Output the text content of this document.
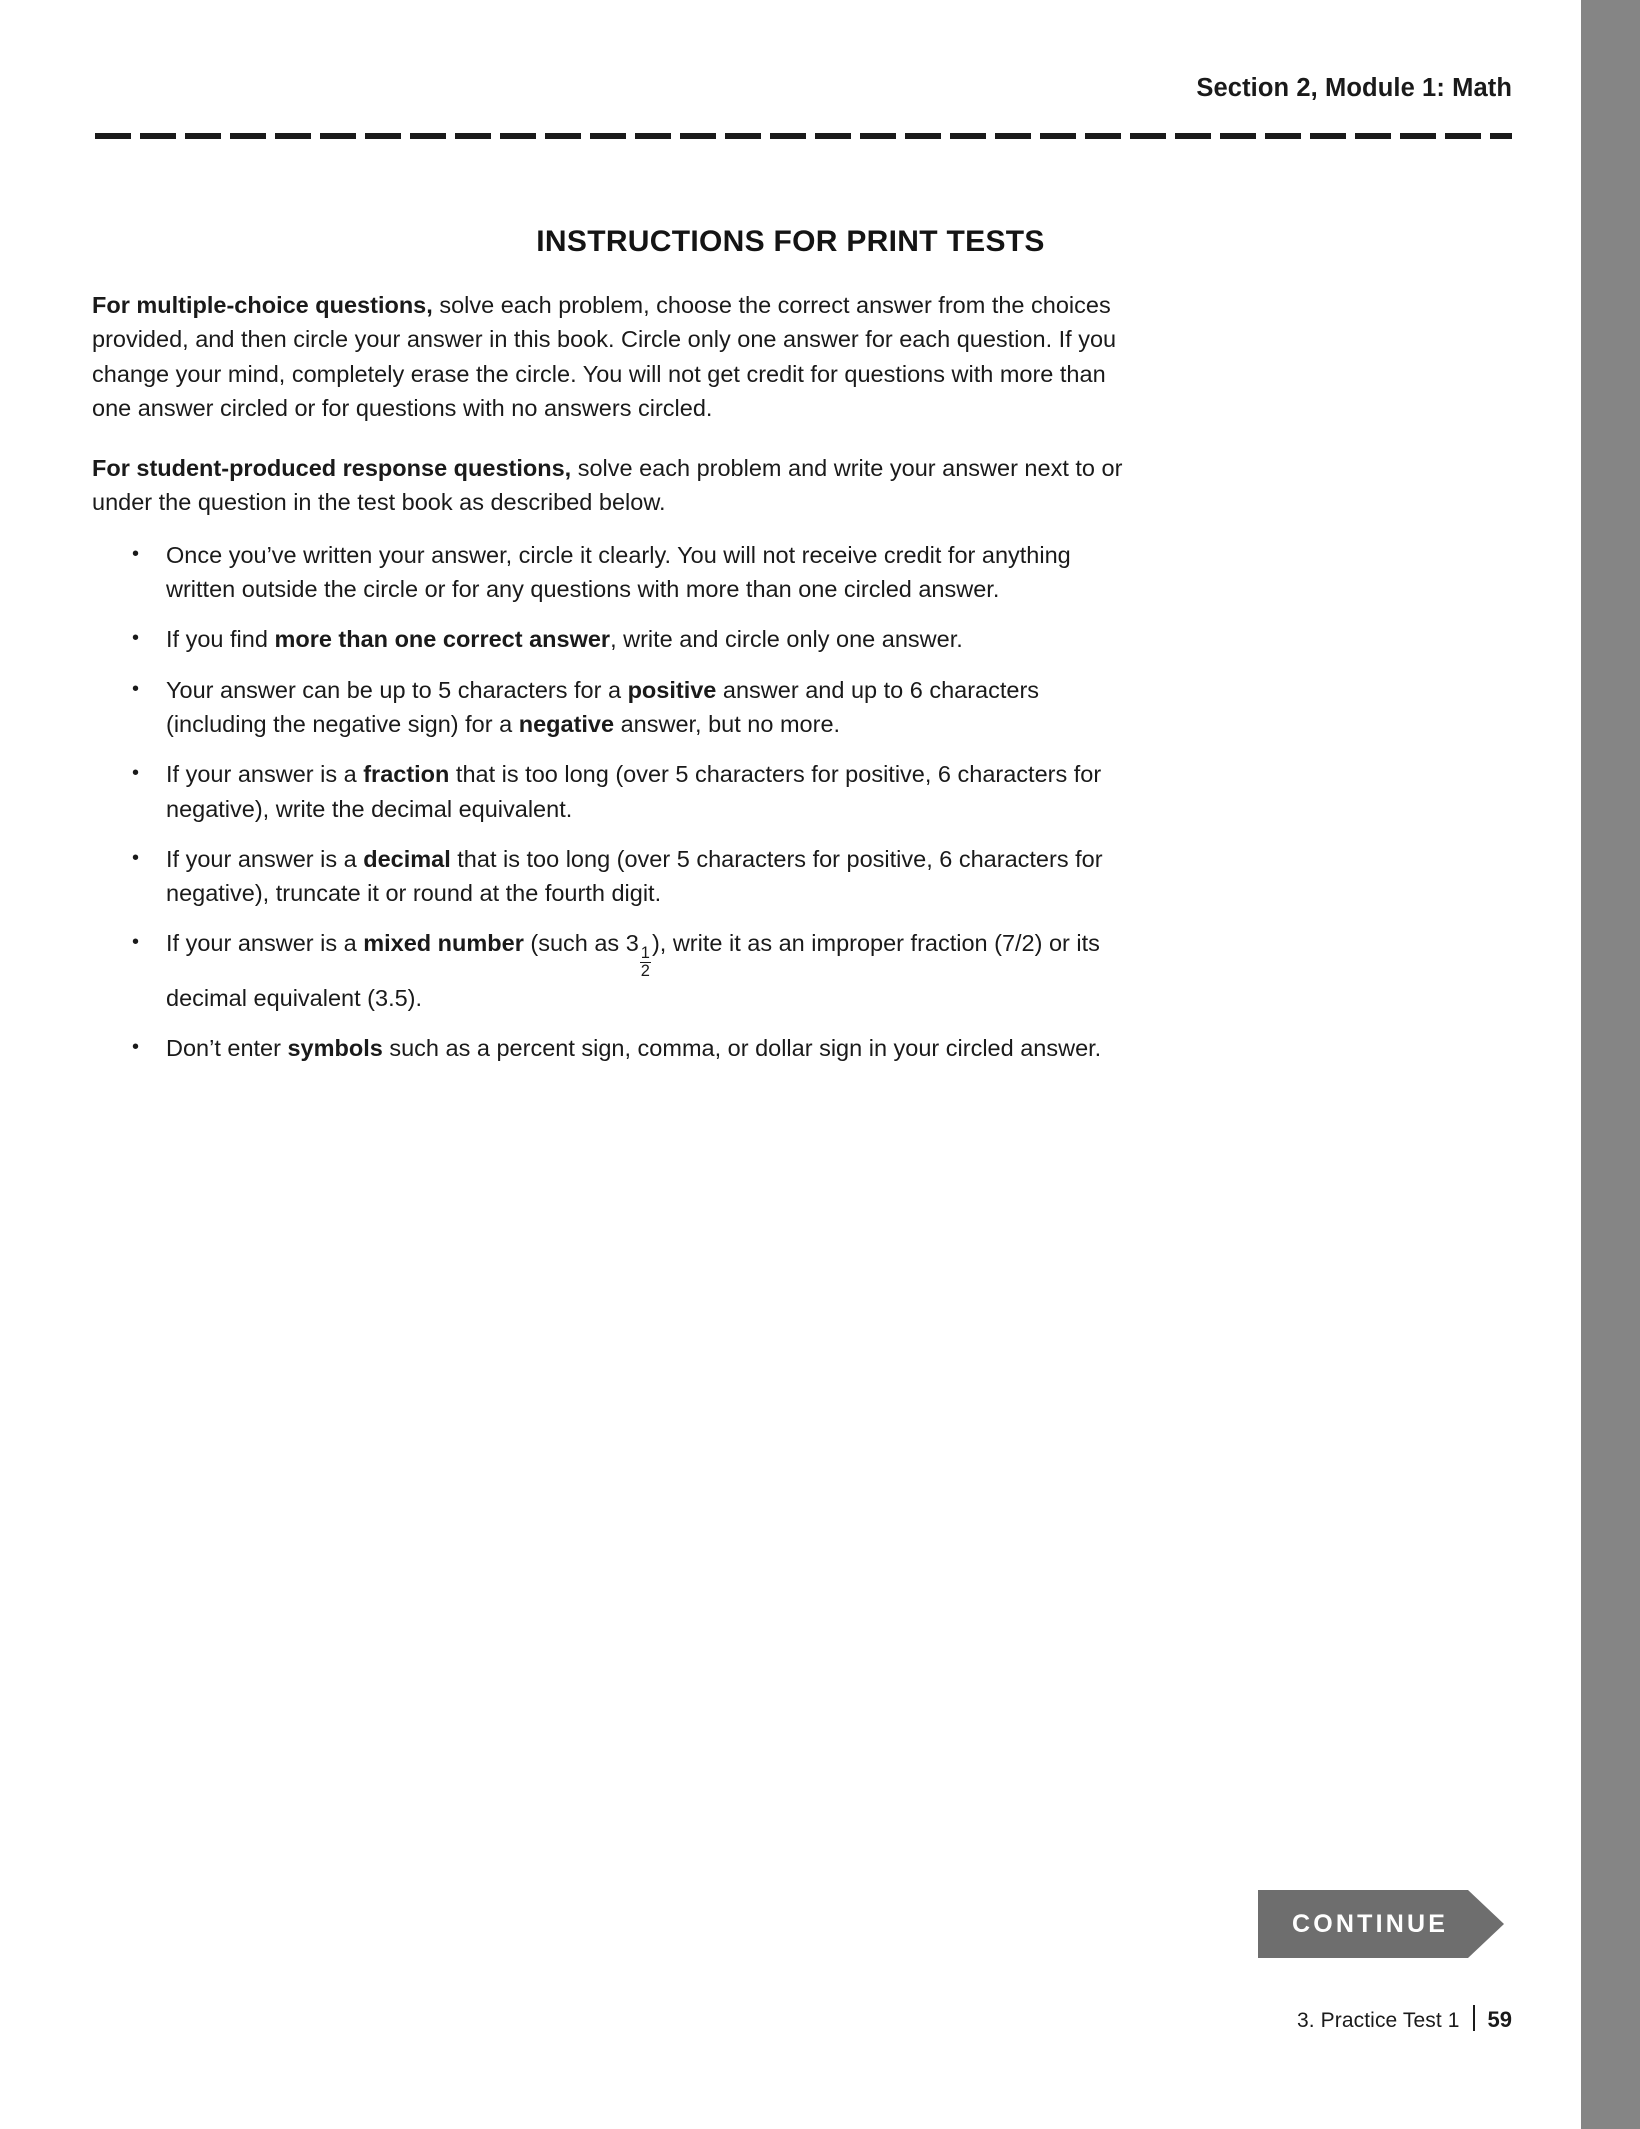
Section 2, Module 1: Math
INSTRUCTIONS FOR PRINT TESTS

For multiple-choice questions, solve each problem, choose the correct answer from the choices provided, and then circle your answer in this book. Circle only one answer for each question. If you change your mind, completely erase the circle. You will not get credit for questions with more than one answer circled or for questions with no answers circled.

For student-produced response questions, solve each problem and write your answer next to or under the question in the test book as described below.

• Once you’ve written your answer, circle it clearly. You will not receive credit for anything written outside the circle or for any questions with more than one circled answer.
• If you find more than one correct answer, write and circle only one answer.
• Your answer can be up to 5 characters for a positive answer and up to 6 characters (including the negative sign) for a negative answer, but no more.
• If your answer is a fraction that is too long (over 5 characters for positive, 6 characters for negative), write the decimal equivalent.
• If your answer is a decimal that is too long (over 5 characters for positive, 6 characters for negative), truncate it or round at the fourth digit.
• If your answer is a mixed number (such as 3
$\frac{1}{2}$
), write it as an improper fraction (7/2) or its decimal equivalent (3.5).
• Don’t enter symbols such as a percent sign, comma, or dollar sign in your circled answer.
CONTINUE
3. Practice Test 1 59
